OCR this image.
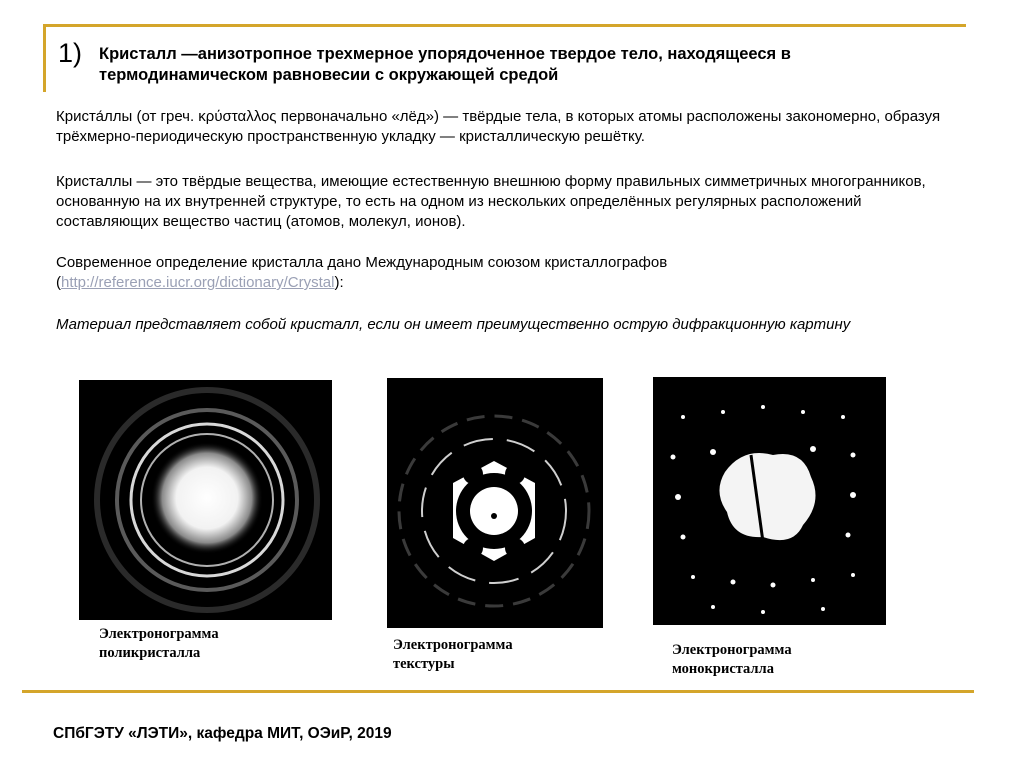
1) Кристалл —анизотропное трехмерное упорядоченное твердое тело, находящееся в термодинамическом равновесии с окружающей средой
Криста́ллы (от греч. κρύσταλλος первоначально «лёд») — твёрдые тела, в которых атомы расположены закономерно, образуя трёхмерно-периодическую пространственную укладку — кристаллическую решётку.
Кристаллы — это твёрдые вещества, имеющие естественную внешнюю форму правильных симметричных многогранников, основанную на их внутренней структуре, то есть на одном из нескольких определённых регулярных расположений составляющих вещество частиц (атомов, молекул, ионов).
Современное определение кристалла дано Международным союзом кристаллографов
(http://reference.iucr.org/dictionary/Crystal):
Материал представляет собой кристалл, если он имеет преимущественно острую дифракционную картину
Электронограмма
поликристалла	Электронограмма
текстуры
Электронограмма
монокристалла
СПбГЭТУ «ЛЭТИ», кафедра МИТ, ОЭиР, 2019
